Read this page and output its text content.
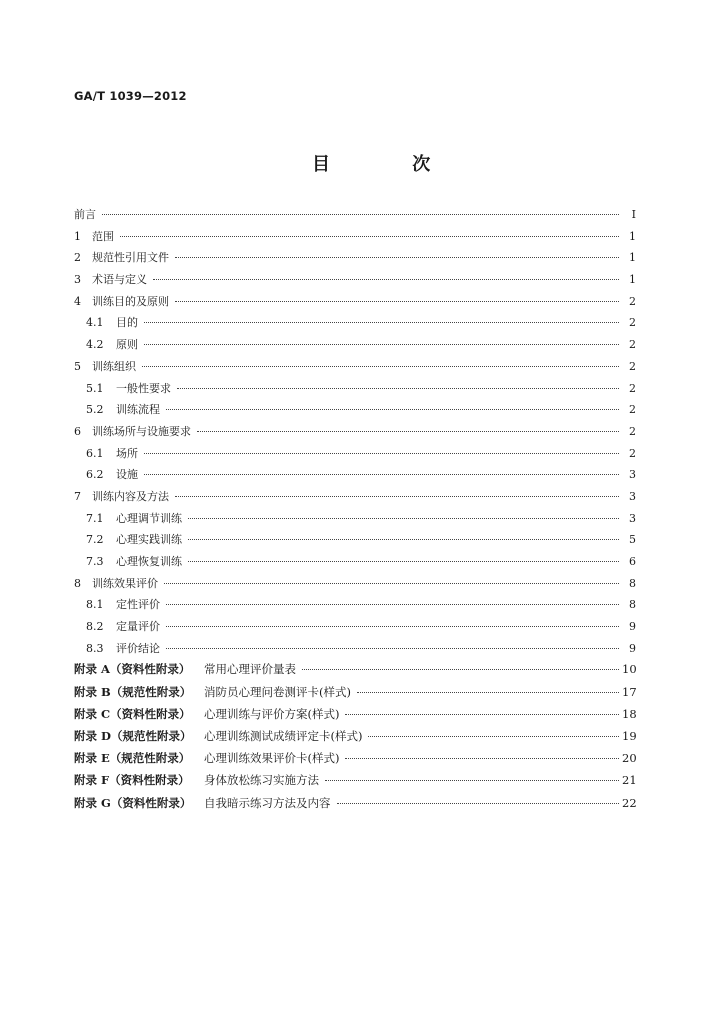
GA/T 1039—2012
目 次
前言	I
1	范围	1
2	规范性引用文件	1
3	术语与定义	1
4	训练目的及原则	2
4.1	目的	2
4.2	原则	2
5	训练组织	2
5.1	一般性要求	2
5.2	训练流程	2
6	训练场所与设施要求	2
6.1	场所	2
6.2	设施	3
7	训练内容及方法	3
7.1	心理调节训练	3
7.2	心理实践训练	5
7.3	心理恢复训练	6
8	训练效果评价	8
8.1	定性评价	8
8.2	定量评价	9
8.3	评价结论	9
附录 A（资料性附录）	常用心理评价量表	10
附录 B（规范性附录）	消防员心理问卷测评卡(样式)	17
附录 C（资料性附录）	心理训练与评价方案(样式)	18
附录 D（规范性附录）	心理训练测试成绩评定卡(样式)	19
附录 E（规范性附录）	心理训练效果评价卡(样式)	20
附录 F（资料性附录）	身体放松练习实施方法	21
附录 G（资料性附录）	自我暗示练习方法及内容	22
